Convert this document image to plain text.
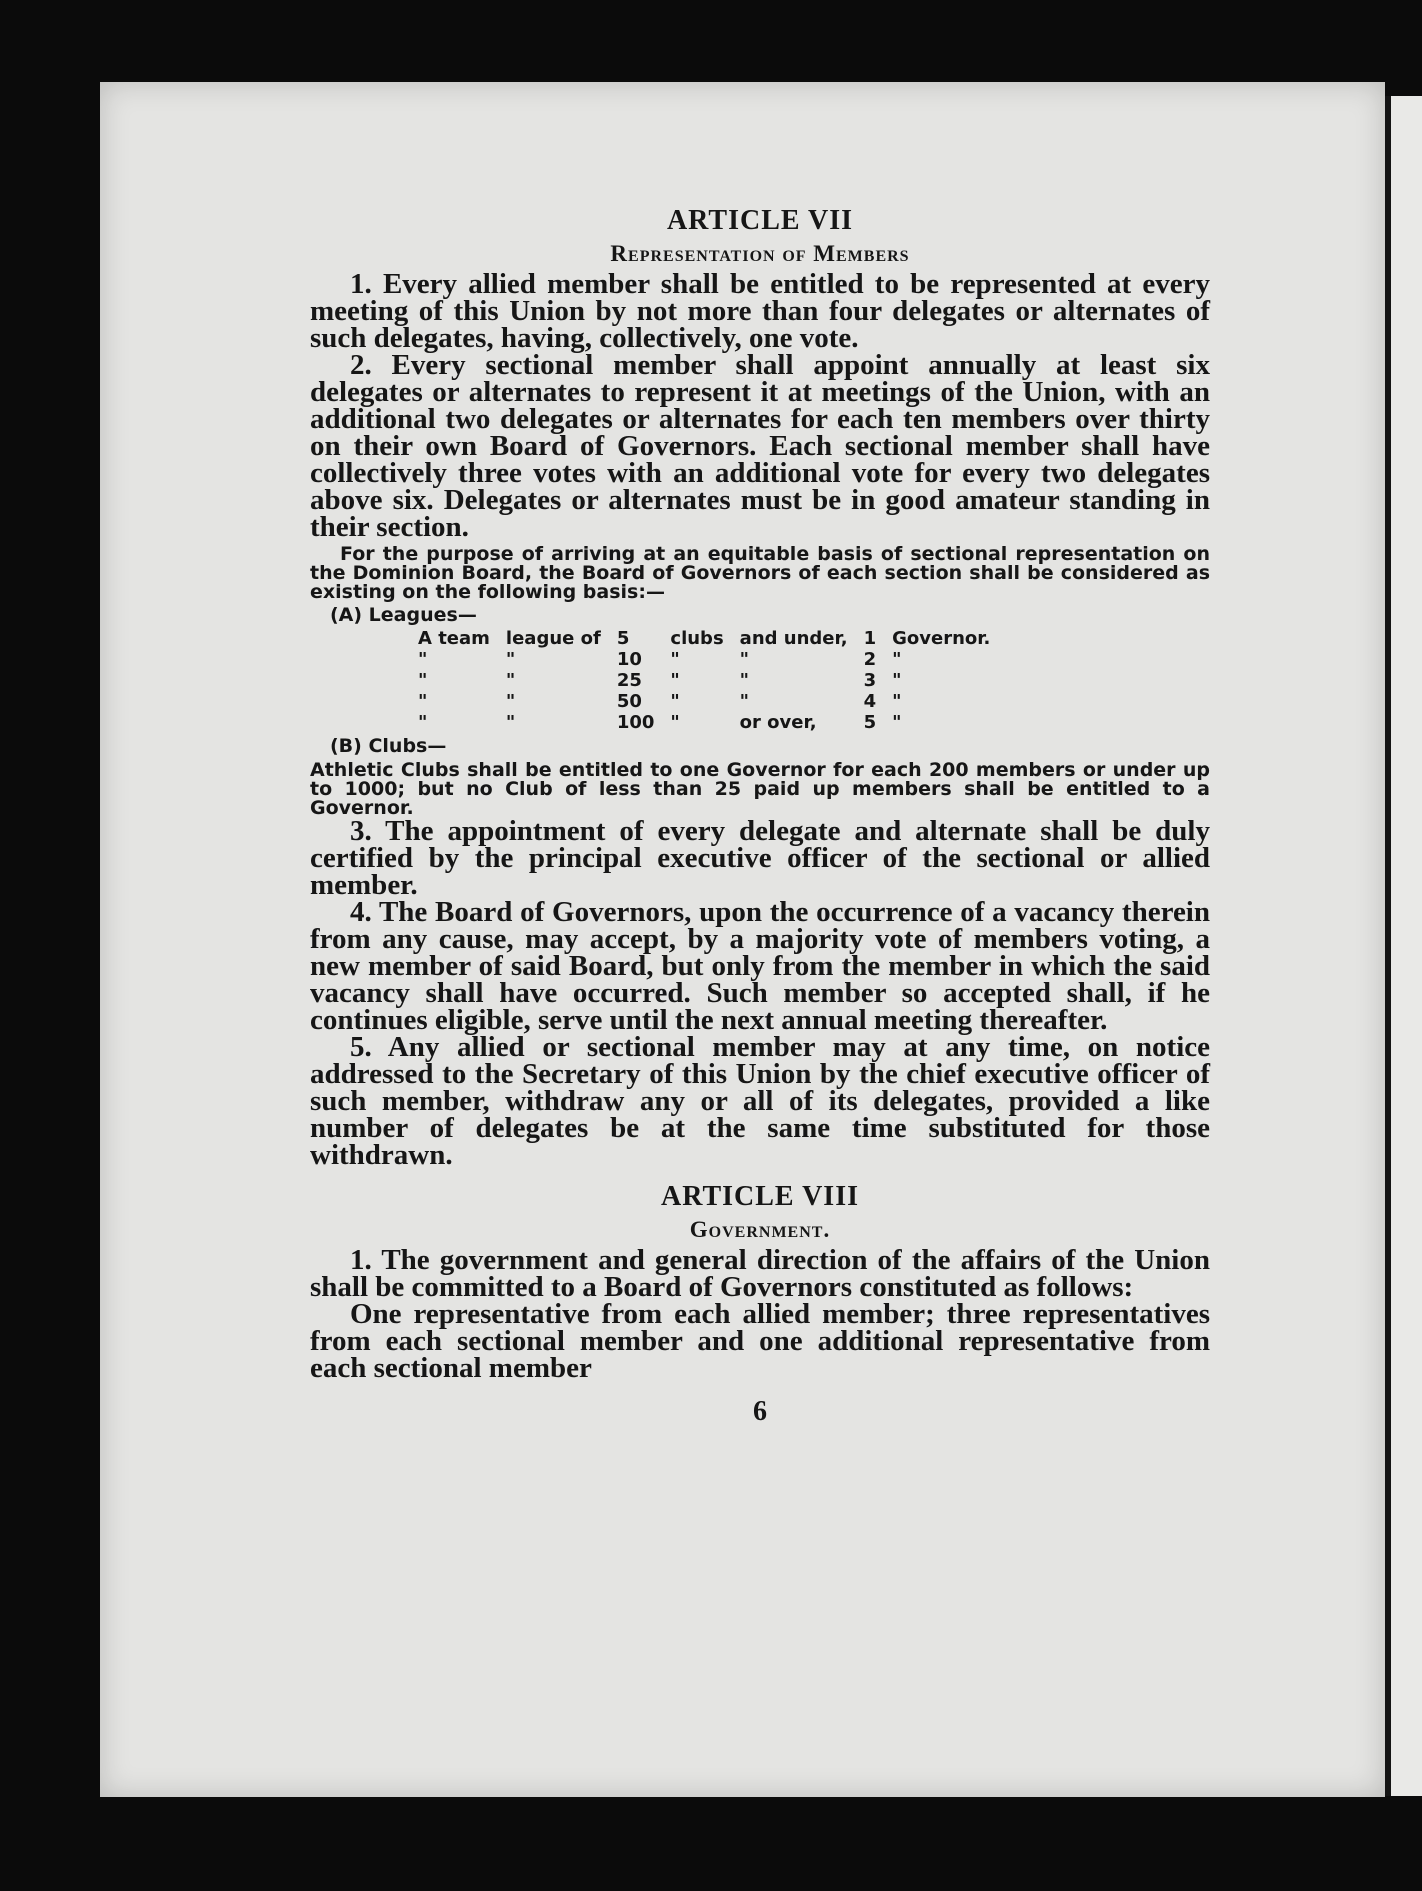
ARTICLE VII
Representation of Members

1. Every allied member shall be entitled to be represented at every meeting of this Union by not more than four delegates or alternates of such delegates, having, collectively, one vote.

2. Every sectional member shall appoint annually at least six delegates or alternates to represent it at meetings of the Union, with an additional two delegates or alternates for each ten members over thirty on their own Board of Governors. Each sectional member shall have collectively three votes with an additional vote for every two delegates above six. Delegates or alternates must be in good amateur standing in their section.

For the purpose of arriving at an equitable basis of sectional representation on the Dominion Board, the Board of Governors of each section shall be considered as existing on the following basis:—

(A) Leagues—
A team	league of	5	clubs	and under,	1	Governor.
"	"	10	"	"	2	"
"	"	25	"	"	3	"
"	"	50	"	"	4	"
"	"	100	"	or over,	5	"
(B) Clubs—

Athletic Clubs shall be entitled to one Governor for each 200 members or under up to 1000; but no Club of less than 25 paid up members shall be entitled to a Governor.

3. The appointment of every delegate and alternate shall be duly certified by the principal executive officer of the sectional or allied member.

4. The Board of Governors, upon the occurrence of a vacancy therein from any cause, may accept, by a majority vote of members voting, a new member of said Board, but only from the member in which the said vacancy shall have occurred. Such member so accepted shall, if he continues eligible, serve until the next annual meeting thereafter.

5. Any allied or sectional member may at any time, on notice addressed to the Secretary of this Union by the chief executive officer of such member, withdraw any or all of its delegates, provided a like number of delegates be at the same time substituted for those withdrawn.

ARTICLE VIII
Government.

1. The government and general direction of the affairs of the Union shall be committed to a Board of Governors constituted as follows:

One representative from each allied member; three representatives from each sectional member and one additional representative from each sectional member

6
